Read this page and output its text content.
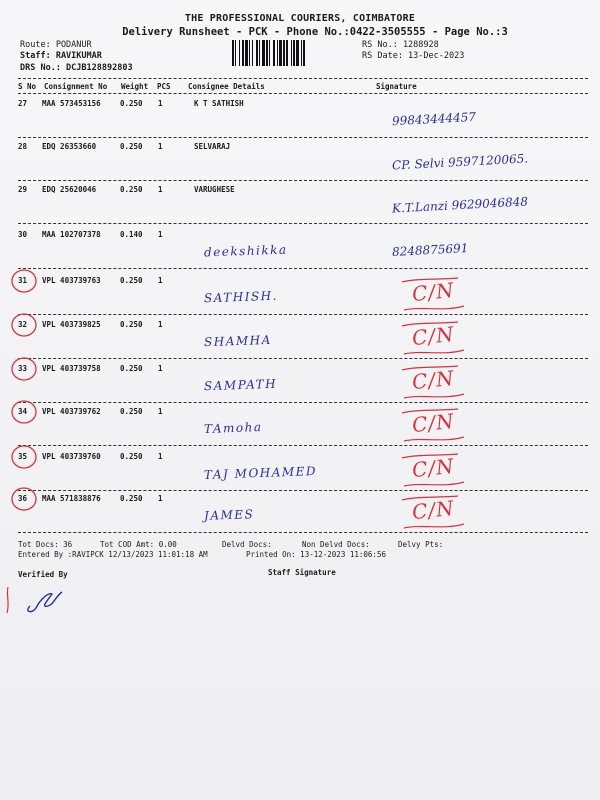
THE PROFESSIONAL COURIERS, COIMBATORE
Delivery Runsheet - PCK - Phone No.:0422-3505555 - Page No.:3
Route: PODANUR
Staff: RAVIKUMAR
DRS No.: DCJB128892803
RS No.: 1288928
RS Date: 13-Dec-2023
S No Consignment No Weight PCS Consignee Details	Signature
27 MAA 573453156	0.250 1	K T SATHISH
99843444457
28 EDQ 26353660	0.250 1	SELVARAJ
CP. Selvi 9597120065.
29 EDQ 25620046	0.250 1	VARUGHESE
K.T.Lanzi 9629046848
30 MAA 102707378	0.140 1
deekshikka	8248875691
31 VPL 403739763	0.250 1
SATHISH.	C/N
32 VPL 403739825	0.250 1
SHAMHA	C/N
33 VPL 403739758	0.250 1
SAMPATH	C/N
34 VPL 403739762	0.250 1
TAmoha	C/N
35 VPL 403739760	0.250 1
TAJ MOHAMED	C/N
36 MAA 571838876	0.250 1
JAMES	C/N
Tot Docs: 36	Tot COD Amt: 0.00	Delvd Docs:	Non Delvd Docs:	Delvy Pts:
Entered By :RAVIPCK 12/13/2023 11:01:18 AM	Printed On: 13-12-2023 11:06:56
Verified By	Staff Signature
